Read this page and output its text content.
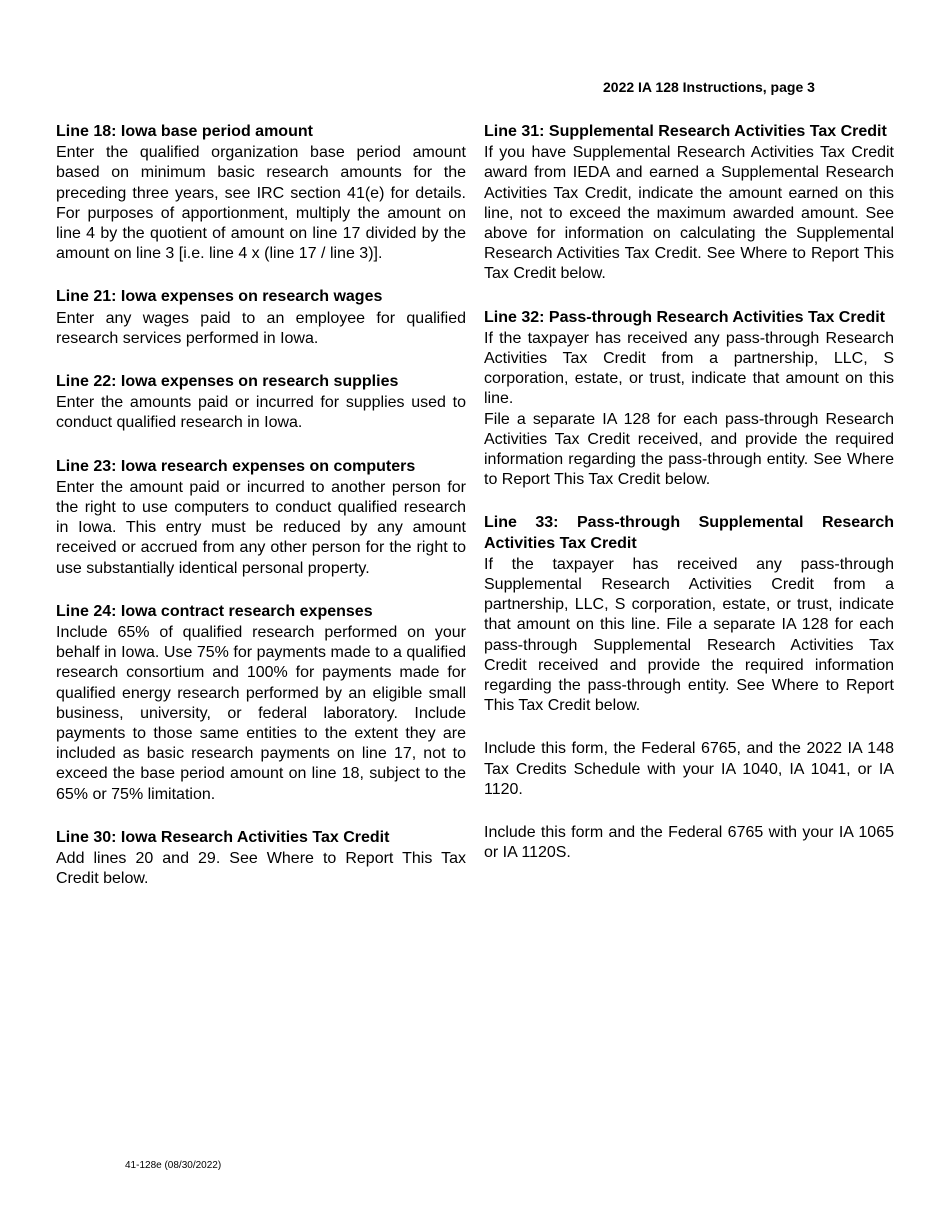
2022 IA 128 Instructions, page 3
Line 18: Iowa base period amount

Enter the qualified organization base period amount based on minimum basic research amounts for the preceding three years, see IRC section 41(e) for details. For purposes of apportionment, multiply the amount on line 4 by the quotient of amount on line 17 divided by the amount on line 3 [i.e. line 4 x (line 17 / line 3)].

Line 21: Iowa expenses on research wages

Enter any wages paid to an employee for qualified research services performed in Iowa.

Line 22: Iowa expenses on research supplies

Enter the amounts paid or incurred for supplies used to conduct qualified research in Iowa.

Line 23: Iowa research expenses on computers

Enter the amount paid or incurred to another person for the right to use computers to conduct qualified research in Iowa. This entry must be reduced by any amount received or accrued from any other person for the right to use substantially identical personal property.

Line 24: Iowa contract research expenses

Include 65% of qualified research performed on your behalf in Iowa. Use 75% for payments made to a qualified research consortium and 100% for payments made for qualified energy research performed by an eligible small business, university, or federal laboratory. Include payments to those same entities to the extent they are included as basic research payments on line 17, not to exceed the base period amount on line 18, subject to the 65% or 75% limitation.

Line 30: Iowa Research Activities Tax Credit

Add lines 20 and 29. See Where to Report This Tax Credit below.

Line 31: Supplemental Research Activities Tax Credit

If you have Supplemental Research Activities Tax Credit award from IEDA and earned a Supplemental Research Activities Tax Credit, indicate the amount earned on this line, not to exceed the maximum awarded amount. See above for information on calculating the Supplemental Research Activities Tax Credit. See Where to Report This Tax Credit below.

Line 32: Pass-through Research Activities Tax Credit

If the taxpayer has received any pass-through Research Activities Tax Credit from a partnership, LLC, S corporation, estate, or trust, indicate that amount on this line.

File a separate IA 128 for each pass-through Research Activities Tax Credit received, and provide the required information regarding the pass-through entity. See Where to Report This Tax Credit below.

Line 33: Pass-through Supplemental Research Activities Tax Credit

If the taxpayer has received any pass-through Supplemental Research Activities Credit from a partnership, LLC, S corporation, estate, or trust, indicate that amount on this line. File a separate IA 128 for each pass-through Supplemental Research Activities Tax Credit received and provide the required information regarding the pass-through entity. See Where to Report This Tax Credit below.

Include this form, the Federal 6765, and the 2022 IA 148 Tax Credits Schedule with your IA 1040, IA 1041, or IA 1120.

Include this form and the Federal 6765 with your IA 1065 or IA 1120S.

41-128e (08/30/2022)
